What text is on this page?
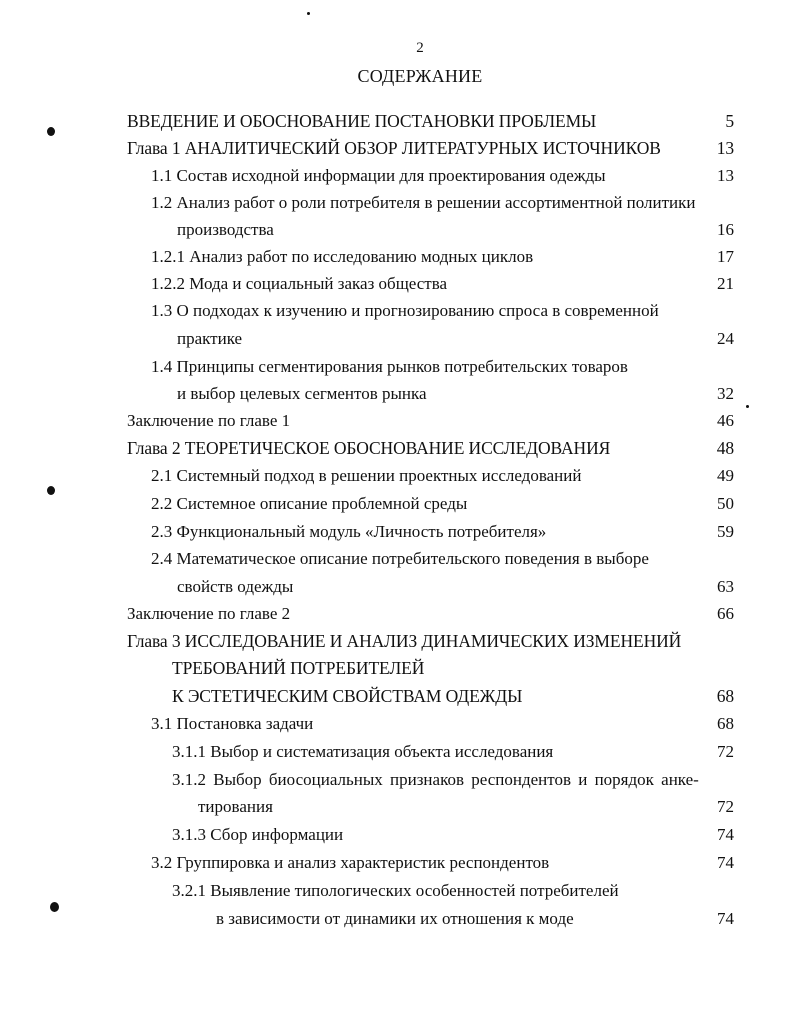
2
СОДЕРЖАНИЕ
ВВЕДЕНИЕ И ОБОСНОВАНИЕ ПОСТАНОВКИ ПРОБЛЕМЫ	5
Глава 1 АНАЛИТИЧЕСКИЙ ОБЗОР ЛИТЕРАТУРНЫХ ИСТОЧНИКОВ	13
1.1 Состав исходной информации для проектирования одежды	13
1.2 Анализ работ о роли потребителя в решении ассортиментной политики
производства	16
1.2.1 Анализ работ по исследованию модных циклов	17
1.2.2 Мода и социальный заказ общества	21
1.3 О подходах к изучению и прогнозированию спроса в современной
практике	24
1.4 Принципы сегментирования рынков потребительских товаров
и выбор целевых сегментов рынка	32
Заключение по главе 1	46
Глава 2 ТЕОРЕТИЧЕСКОЕ ОБОСНОВАНИЕ ИССЛЕДОВАНИЯ	48
2.1 Системный подход в решении проектных исследований	49
2.2 Системное описание проблемной среды	50
2.3 Функциональный модуль «Личность потребителя»	59
2.4 Математическое описание потребительского поведения в выборе
свойств одежды	63
Заключение по главе 2	66
Глава 3 ИССЛЕДОВАНИЕ И АНАЛИЗ ДИНАМИЧЕСКИХ ИЗМЕНЕНИЙ
ТРЕБОВАНИЙ ПОТРЕБИТЕЛЕЙ
К ЭСТЕТИЧЕСКИМ СВОЙСТВАМ ОДЕЖДЫ	68
3.1 Постановка задачи	68
3.1.1 Выбор и систематизация объекта исследования	72
3.1.2 Выбор биосоциальных признаков респондентов и порядок анке-
тирования	72
3.1.3 Сбор информации	74
3.2 Группировка и анализ характеристик респондентов	74
3.2.1 Выявление типологических особенностей потребителей
в зависимости от динамики их отношения к моде	74
